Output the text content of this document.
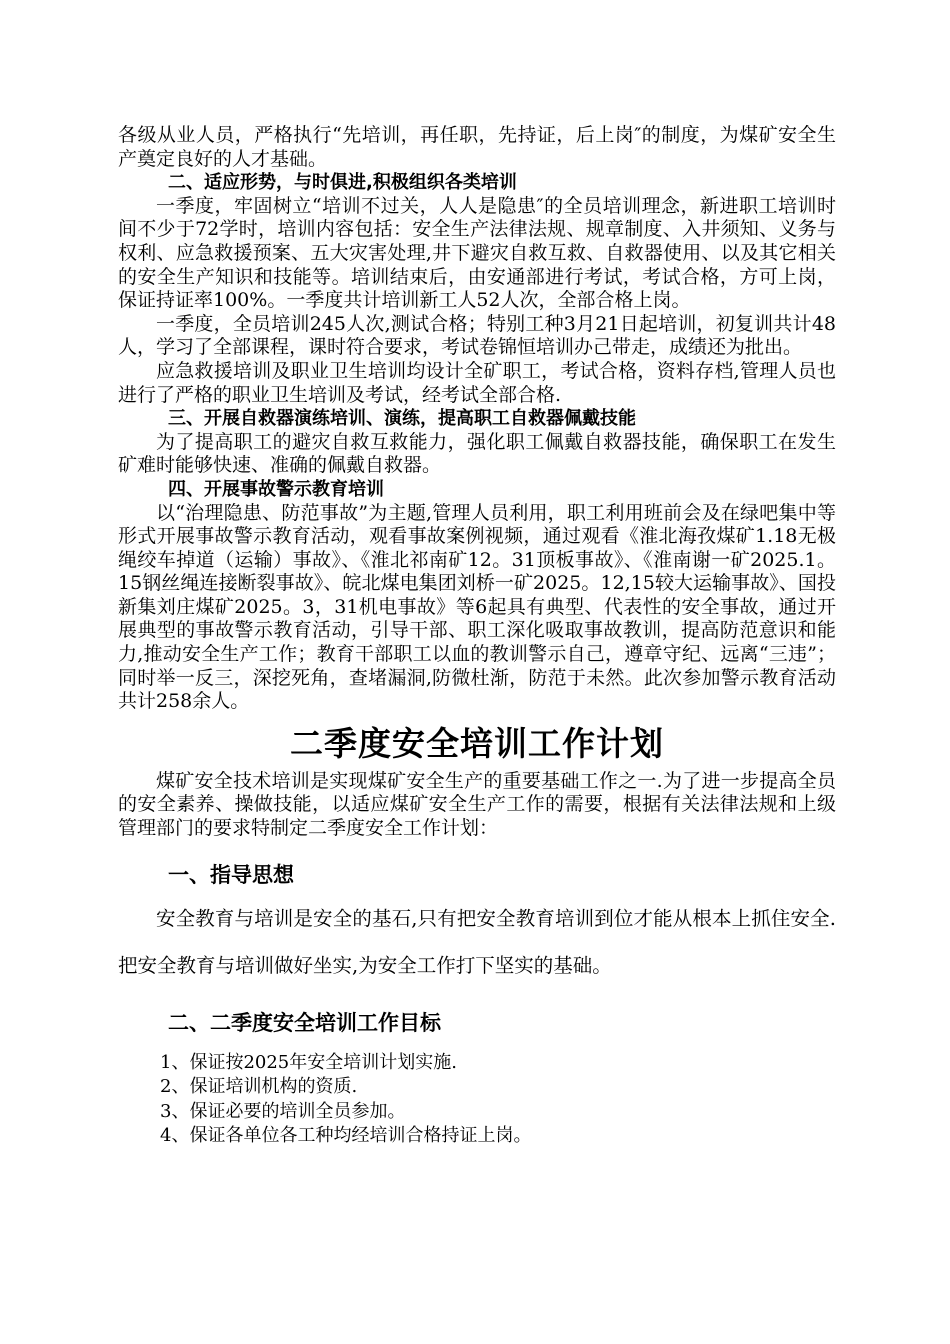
各级从业人员，严格执行“先培训，再任职，先持证，后上岗″的制度，为煤矿安全生产奠定良好的人才基础。

二、适应形势，与时俱进,积极组织各类培训

一季度，牢固树立“培训不过关，人人是隐患″的全员培训理念，新进职工培训时间不少于72学时，培训内容包括：安全生产法律法规、规章制度、入井须知、义务与权利、应急救援预案、五大灾害处理,井下避灾自救互救、自救器使用、以及其它相关的安全生产知识和技能等。培训结束后，由安通部进行考试，考试合格，方可上岗，保证持证率100%。一季度共计培训新工人52人次，全部合格上岗。

一季度，全员培训245人次,测试合格；特别工种3月21日起培训，初复训共计48人，学习了全部课程，课时符合要求，考试卷锦恒培训办己带走，成绩还为批出。

应急救援培训及职业卫生培训均设计全矿职工，考试合格，资料存档,管理人员也进行了严格的职业卫生培训及考试，经考试全部合格.

三、开展自救器演练培训、演练，提高职工自救器佩戴技能

为了提高职工的避灾自救互救能力，强化职工佩戴自救器技能，确保职工在发生矿难时能够快速、准确的佩戴自救器。

四、开展事故警示教育培训

以“治理隐患、防范事故”为主题,管理人员利用，职工利用班前会及在绿吧集中等形式开展事故警示教育活动，观看事故案例视频，通过观看《淮北海孜煤矿1.18无极绳绞车掉道（运输）事故》、《淮北祁南矿12。31顶板事故》、《淮南谢一矿2025.1。15钢丝绳连接断裂事故》、皖北煤电集团刘桥一矿2025。12,15较大运输事故》、国投新集刘庄煤矿2025。3，31机电事故》等6起具有典型、代表性的安全事故，通过开展典型的事故警示教育活动，引导干部、职工深化吸取事故教训，提高防范意识和能力,推动安全生产工作；教育干部职工以血的教训警示自己，遵章守纪、远离“三违”；同时举一反三，深挖死角，查堵漏洞,防微杜渐，防范于未然。此次参加警示教育活动共计258余人。

二季度安全培训工作计划

煤矿安全技术培训是实现煤矿安全生产的重要基础工作之一.为了进一步提高全员的安全素养、操做技能，以适应煤矿安全生产工作的需要，根据有关法律法规和上级管理部门的要求特制定二季度安全工作计划：

一、指导思想

安全教育与培训是安全的基石,只有把安全教育培训到位才能从根本上抓住安全.把安全教育与培训做好坐实,为安全工作打下坚实的基础。

二、二季度安全培训工作目标

1、保证按2025年安全培训计划实施.

2、保证培训机构的资质.

3、保证必要的培训全员参加。

4、保证各单位各工种均经培训合格持证上岗。
